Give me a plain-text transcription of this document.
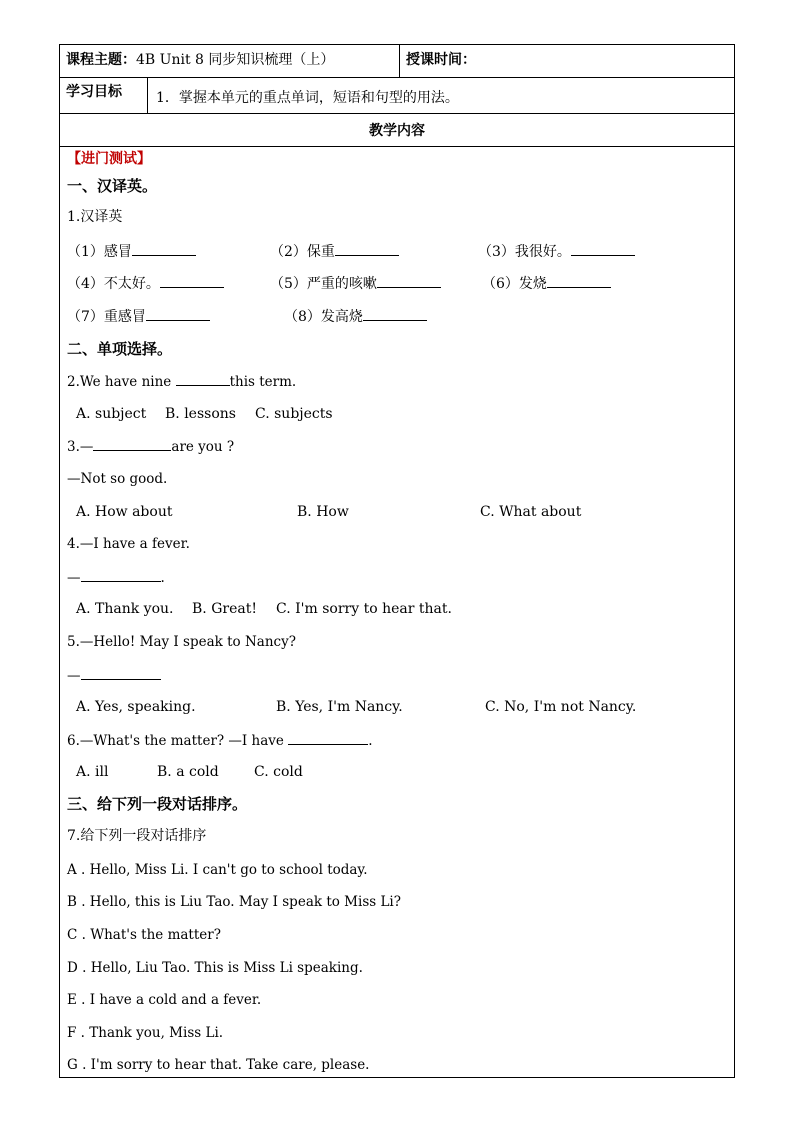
课程主题：4B Unit 8 同步知识梳理（上）	授课时间：
学习目标 1．掌握本单元的重点单词，短语和句型的用法。
教学内容
【进门测试】
一、汉译英。
1.汉译英
（1）感冒	（2）保重	（3）我很好。
（4）不太好。	（5）严重的咳嗽	（6）发烧
（7）重感冒	（8）发高烧
二、单项选择。
2.We have nine	this term.
A. subject B. lessons C. subjects
3.—	are you ?
—Not so good.
A. How about	B. How	C. What about
4.—I have a fever.
—	.
A. Thank you. B. Great! C. I'm sorry to hear that.
5.—Hello! May I speak to Nancy?
—
A. Yes, speaking.	B. Yes, I'm Nancy.	C. No, I'm not Nancy.
6.—What's the matter? —I have	.
A. ill	B. a cold	C. cold
三、给下列一段对话排序。
7.给下列一段对话排序
A . Hello, Miss Li. I can't go to school today.
B . Hello, this is Liu Tao. May I speak to Miss Li?
C . What's the matter?
D . Hello, Liu Tao. This is Miss Li speaking.
E . I have a cold and a fever.
F . Thank you, Miss Li.
G . I'm sorry to hear that. Take care, please.
